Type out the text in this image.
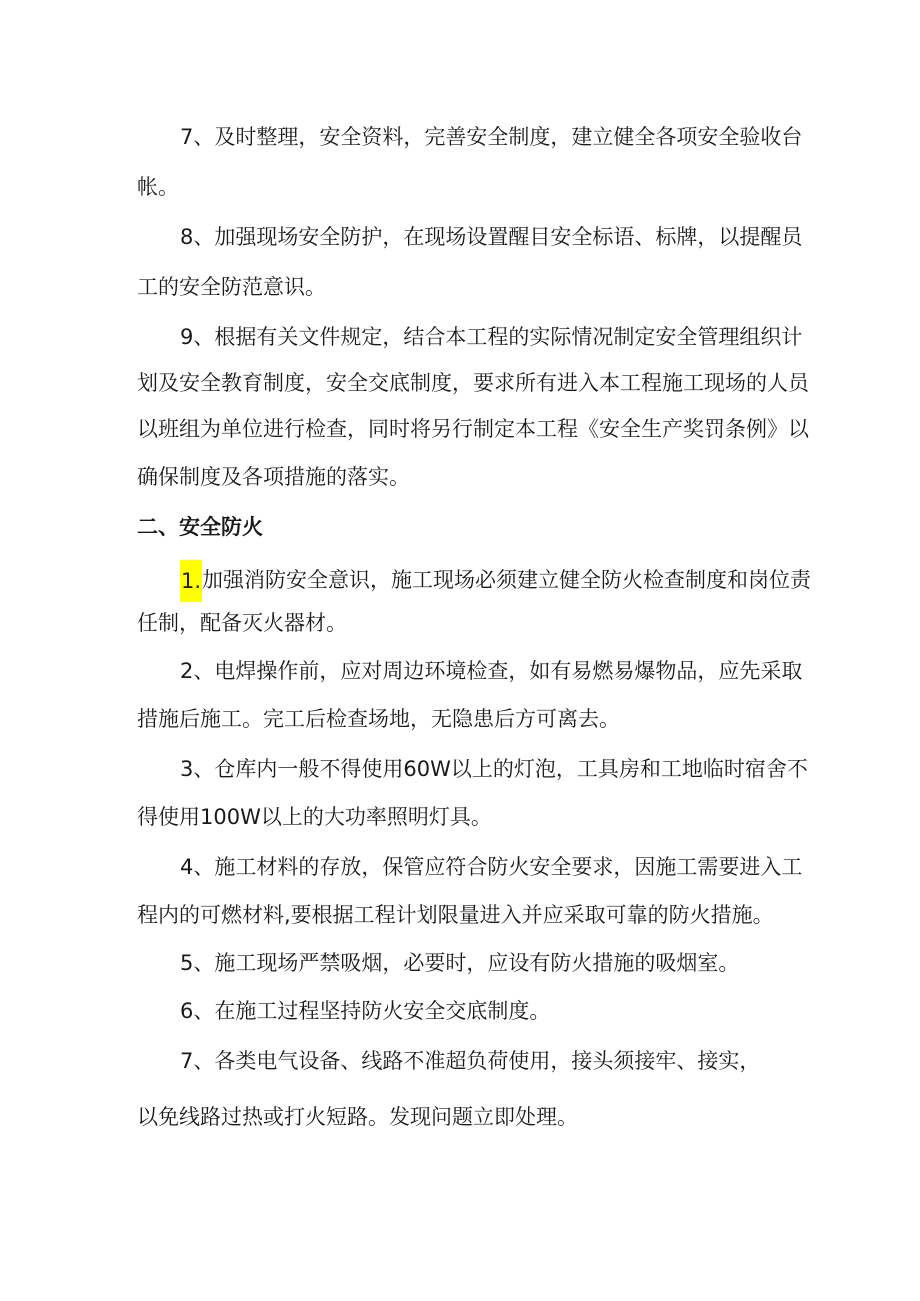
7、及时整理，安全资料，完善安全制度，建立健全各项安全验收台
帐。
8、加强现场安全防护，在现场设置醒目安全标语、标牌，以提醒员
工的安全防范意识。
9、根据有关文件规定，结合本工程的实际情况制定安全管理组织计
划及安全教育制度，安全交底制度，要求所有进入本工程施工现场的人员
以班组为单位进行检查，同时将另行制定本工程《安全生产奖罚条例》以
确保制度及各项措施的落实。
二、安全防火
1.加强消防安全意识，施工现场必须建立健全防火检查制度和岗位责
任制，配备灭火器材。
2、电焊操作前，应对周边环境检查，如有易燃易爆物品，应先采取
措施后施工。完工后检查场地，无隐患后方可离去。
3、仓库内一般不得使用60W以上的灯泡，工具房和工地临时宿舍不
得使用100W以上的大功率照明灯具。
4、施工材料的存放，保管应符合防火安全要求，因施工需要进入工
程内的可燃材料,要根据工程计划限量进入并应采取可靠的防火措施。
5、施工现场严禁吸烟，必要时，应设有防火措施的吸烟室。
6、在施工过程坚持防火安全交底制度。
7、各类电气设备、线路不准超负荷使用，接头须接牢、接实，
以免线路过热或打火短路。发现问题立即处理。
